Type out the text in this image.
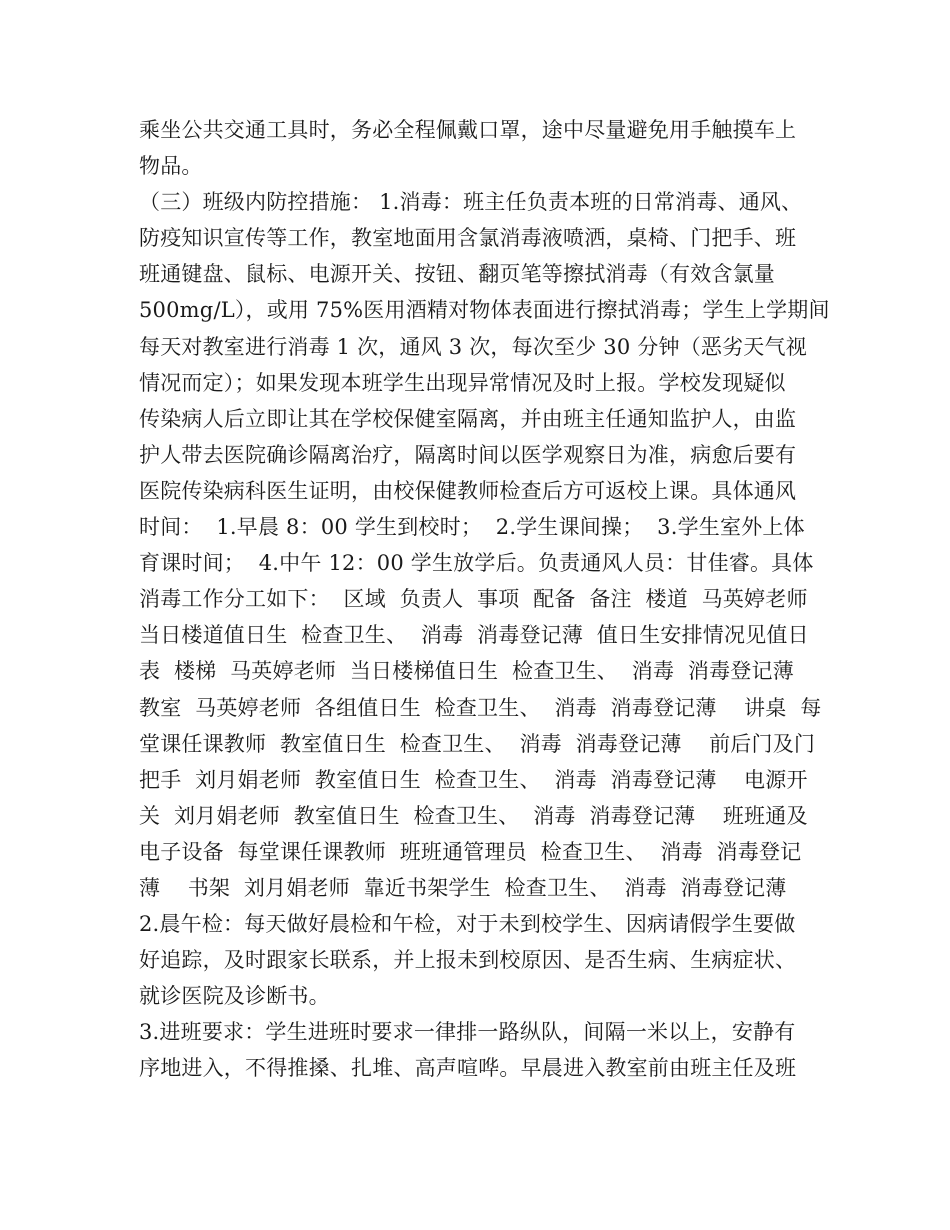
乘坐公共交通工具时，务必全程佩戴口罩，途中尽量避免用手触摸车上
物品。
（三）班级内防控措施： 1.消毒：班主任负责本班的日常消毒、通风、
防疫知识宣传等工作，教室地面用含氯消毒液喷洒，桌椅、门把手、班
班通键盘、鼠标、电源开关、按钮、翻页笔等擦拭消毒（有效含氯量
500mg/L），或用 75%医用酒精对物体表面进行擦拭消毒；学生上学期间
每天对教室进行消毒 1 次，通风 3 次，每次至少 30 分钟（恶劣天气视
情况而定）；如果发现本班学生出现异常情况及时上报。学校发现疑似
传染病人后立即让其在学校保健室隔离，并由班主任通知监护人，由监
护人带去医院确诊隔离治疗，隔离时间以医学观察日为准，病愈后要有
医院传染病科医生证明，由校保健教师检查后方可返校上课。具体通风
时间：  1.早晨 8：00 学生到校时；  2.学生课间操；  3.学生室外上体
育课时间；  4.中午 12：00 学生放学后。负责通风人员：甘佳睿。具体
消毒工作分工如下：  区域  负责人  事项  配备  备注  楼道  马英婷老师
当日楼道值日生  检查卫生、  消毒  消毒登记薄  值日生安排情况见值日
表  楼梯  马英婷老师  当日楼梯值日生  检查卫生、  消毒  消毒登记薄
教室  马英婷老师  各组值日生  检查卫生、  消毒  消毒登记薄    讲桌  每
堂课任课教师  教室值日生  检查卫生、  消毒  消毒登记薄    前后门及门
把手  刘月娟老师  教室值日生  检查卫生、  消毒  消毒登记薄    电源开
关  刘月娟老师  教室值日生  检查卫生、  消毒  消毒登记薄    班班通及
电子设备  每堂课任课教师  班班通管理员  检查卫生、  消毒  消毒登记
薄    书架  刘月娟老师  靠近书架学生  检查卫生、  消毒  消毒登记薄
2.晨午检：每天做好晨检和午检，对于未到校学生、因病请假学生要做
好追踪，及时跟家长联系，并上报未到校原因、是否生病、生病症状、
就诊医院及诊断书。
3.进班要求：学生进班时要求一律排一路纵队，间隔一米以上，安静有
序地进入，不得推搡、扎堆、高声喧哗。早晨进入教室前由班主任及班
